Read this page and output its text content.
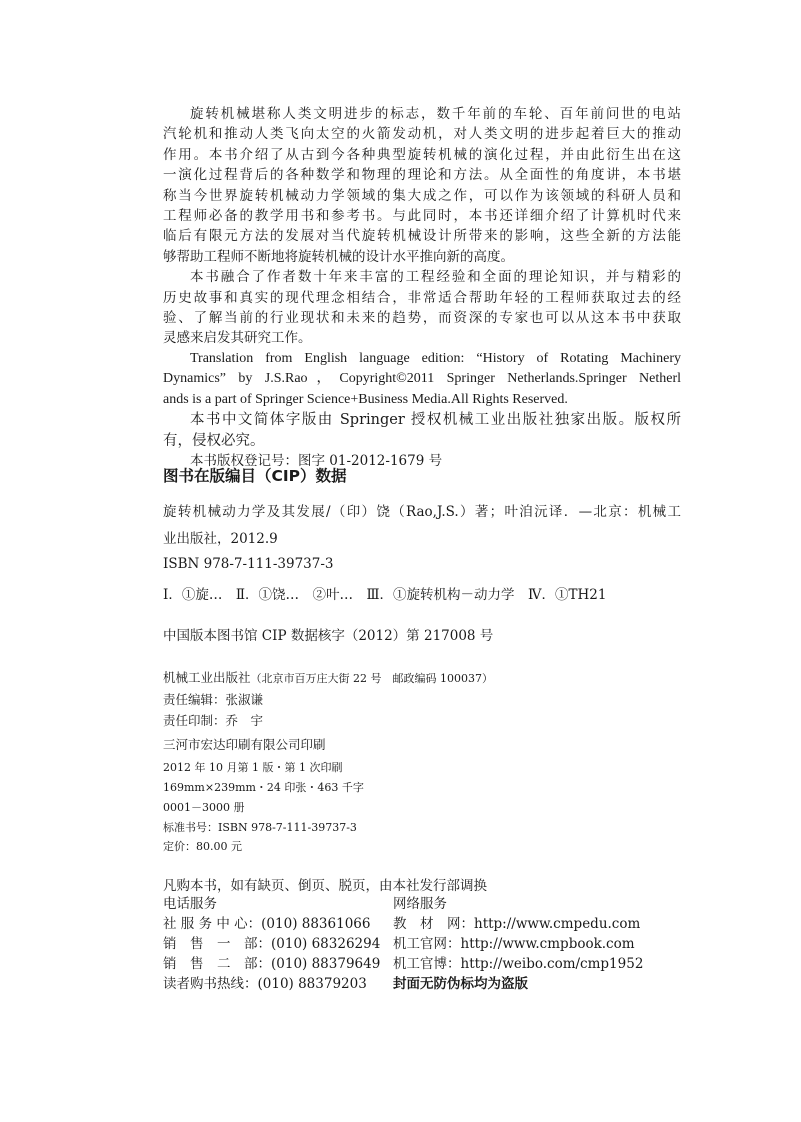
旋转机械堪称人类文明进步的标志，数千年前的车轮、百年前问世的电站

汽轮机和推动人类飞向太空的火箭发动机，对人类文明的进步起着巨大的推动

作用。本书介绍了从古到今各种典型旋转机械的演化过程，并由此衍生出在这

一演化过程背后的各种数学和物理的理论和方法。从全面性的角度讲，本书堪

称当今世界旋转机械动力学领域的集大成之作，可以作为该领域的科研人员和

工程师必备的教学用书和参考书。与此同时，本书还详细介绍了计算机时代来

临后有限元方法的发展对当代旋转机械设计所带来的影响，这些全新的方法能

够帮助工程师不断地将旋转机械的设计水平推向新的高度。

本书融合了作者数十年来丰富的工程经验和全面的理论知识，并与精彩的

历史故事和真实的现代理念相结合，非常适合帮助年轻的工程师获取过去的经

验、了解当前的行业现状和未来的趋势，而资深的专家也可以从这本书中获取

灵感来启发其研究工作。

Translation from English language edition: “History of Rotating Machinery

Dynamics” by J.S.Rao，Copyright©2011 Springer Netherlands.Springer Netherl

ands is a part of Springer Science+Business Media.All Rights Reserved.

本书中文简体字版由 Springer 授权机械工业出版社独家出版。版权所

有，侵权必究。

本书版权登记号：图字 01-2012-1679 号

图书在版编目（CIP）数据
旋转机械动力学及其发展/（印）饶（Rao,J.S.）著；叶洎沅译．—北京：机械工
业出版社，2012.9
ISBN 978-7-111-39737-3
Ⅰ．①旋…　Ⅱ．①饶…　②叶…　Ⅲ．①旋转机构－动力学　Ⅳ．①TH21
中国版本图书馆 CIP 数据核字（2012）第 217008 号
机械工业出版社（北京市百万庄大街 22 号　邮政编码 100037）
责任编辑：张淑谦
责任印制：乔　宇
三河市宏达印刷有限公司印刷
2012 年 10 月第 1 版・第 1 次印刷
169mm×239mm・24 印张・463 千字
0001－3000 册
标准书号：ISBN 978-7-111-39737-3
定价：80.00 元
凡购本书，如有缺页、倒页、脱页，由本社发行部调换
电话服务	网络服务
社 服 务 中 心：(010) 88361066
销　售　一　部：(010) 68326294
销　售　二　部：(010) 88379649
读者购书热线：(010) 88379203
教　材　网：http://www.cmpedu.com
机工官网：http://www.cmpbook.com
机工官博：http://weibo.com/cmp1952
封面无防伪标均为盗版
